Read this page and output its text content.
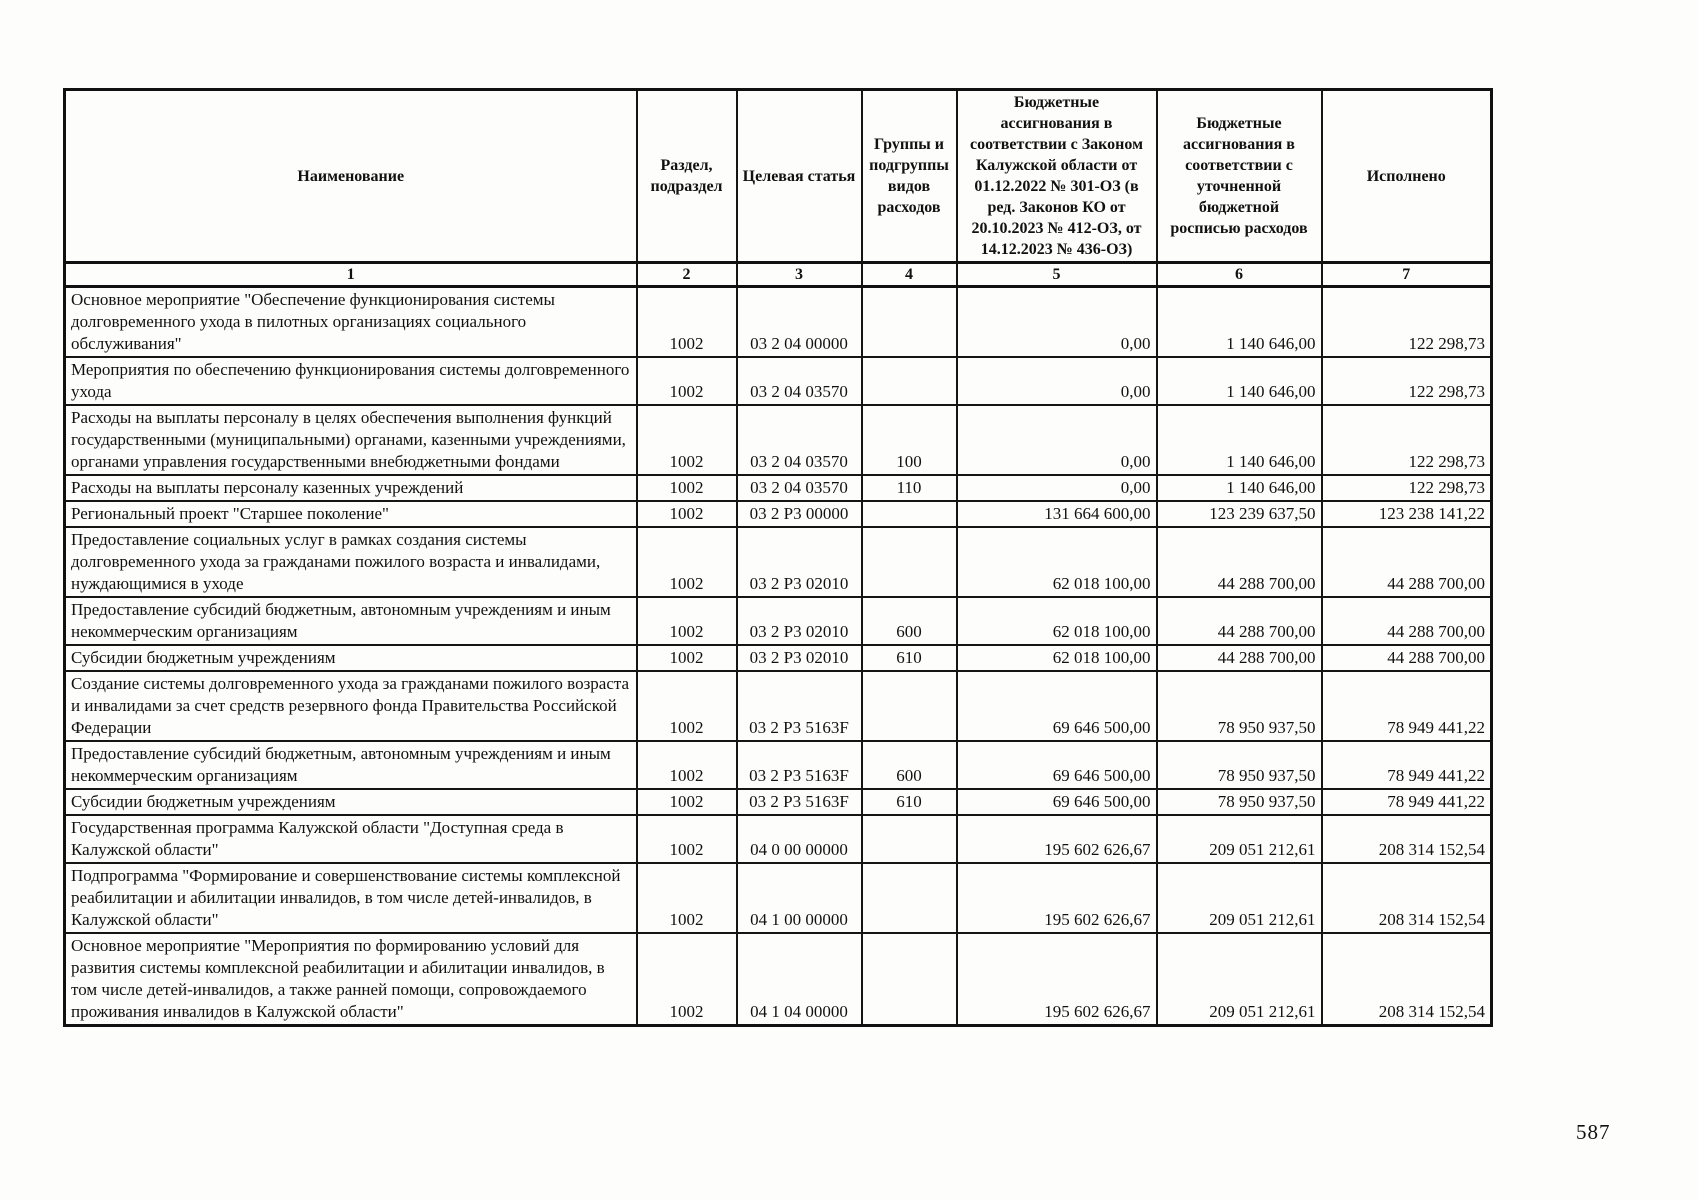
Наименование	Раздел, подраздел	Целевая статья	Группы и подгруппы видов расходов	Бюджетные ассигнования в соответствии с Законом Калужской области от 01.12.2022 № 301-ОЗ (в ред. Законов КО от 20.10.2023 № 412-ОЗ, от 14.12.2023 № 436-ОЗ)	Бюджетные ассигнования в соответствии с уточненной бюджетной росписью расходов	Исполнено
1	2	3	4	5	6	7
Основное мероприятие "Обеспечение функционирования системы долговременного ухода в пилотных организациях социального обслуживания"	1002	03 2 04 00000		0,00	1 140 646,00	122 298,73
Мероприятия по обеспечению функционирования системы долговременного ухода	1002	03 2 04 03570		0,00	1 140 646,00	122 298,73
Расходы на выплаты персоналу в целях обеспечения выполнения функций государственными (муниципальными) органами, казенными учреждениями, органами управления государственными внебюджетными фондами	1002	03 2 04 03570	100	0,00	1 140 646,00	122 298,73
Расходы на выплаты персоналу казенных учреждений	1002	03 2 04 03570	110	0,00	1 140 646,00	122 298,73
Региональный проект "Старшее поколение"	1002	03 2 Р3 00000		131 664 600,00	123 239 637,50	123 238 141,22
Предоставление социальных услуг в рамках создания системы долговременного ухода за гражданами пожилого возраста и инвалидами, нуждающимися в уходе	1002	03 2 Р3 02010		62 018 100,00	44 288 700,00	44 288 700,00
Предоставление субсидий бюджетным, автономным учреждениям и иным некоммерческим организациям	1002	03 2 Р3 02010	600	62 018 100,00	44 288 700,00	44 288 700,00
Субсидии бюджетным учреждениям	1002	03 2 Р3 02010	610	62 018 100,00	44 288 700,00	44 288 700,00
Создание системы долговременного ухода за гражданами пожилого возраста и инвалидами за счет средств резервного фонда Правительства Российской Федерации	1002	03 2 Р3 5163F		69 646 500,00	78 950 937,50	78 949 441,22
Предоставление субсидий бюджетным, автономным учреждениям и иным некоммерческим организациям	1002	03 2 Р3 5163F	600	69 646 500,00	78 950 937,50	78 949 441,22
Субсидии бюджетным учреждениям	1002	03 2 Р3 5163F	610	69 646 500,00	78 950 937,50	78 949 441,22
Государственная программа Калужской области "Доступная среда в Калужской области"	1002	04 0 00 00000		195 602 626,67	209 051 212,61	208 314 152,54
Подпрограмма "Формирование и совершенствование системы комплексной реабилитации и абилитации инвалидов, в том числе детей-инвалидов, в Калужской области"	1002	04 1 00 00000		195 602 626,67	209 051 212,61	208 314 152,54
Основное мероприятие "Мероприятия по формированию условий для развития системы комплексной реабилитации и абилитации инвалидов, в том числе детей-инвалидов, а также ранней помощи, сопровождаемого проживания инвалидов в Калужской области"	1002	04 1 04 00000		195 602 626,67	209 051 212,61	208 314 152,54
587
